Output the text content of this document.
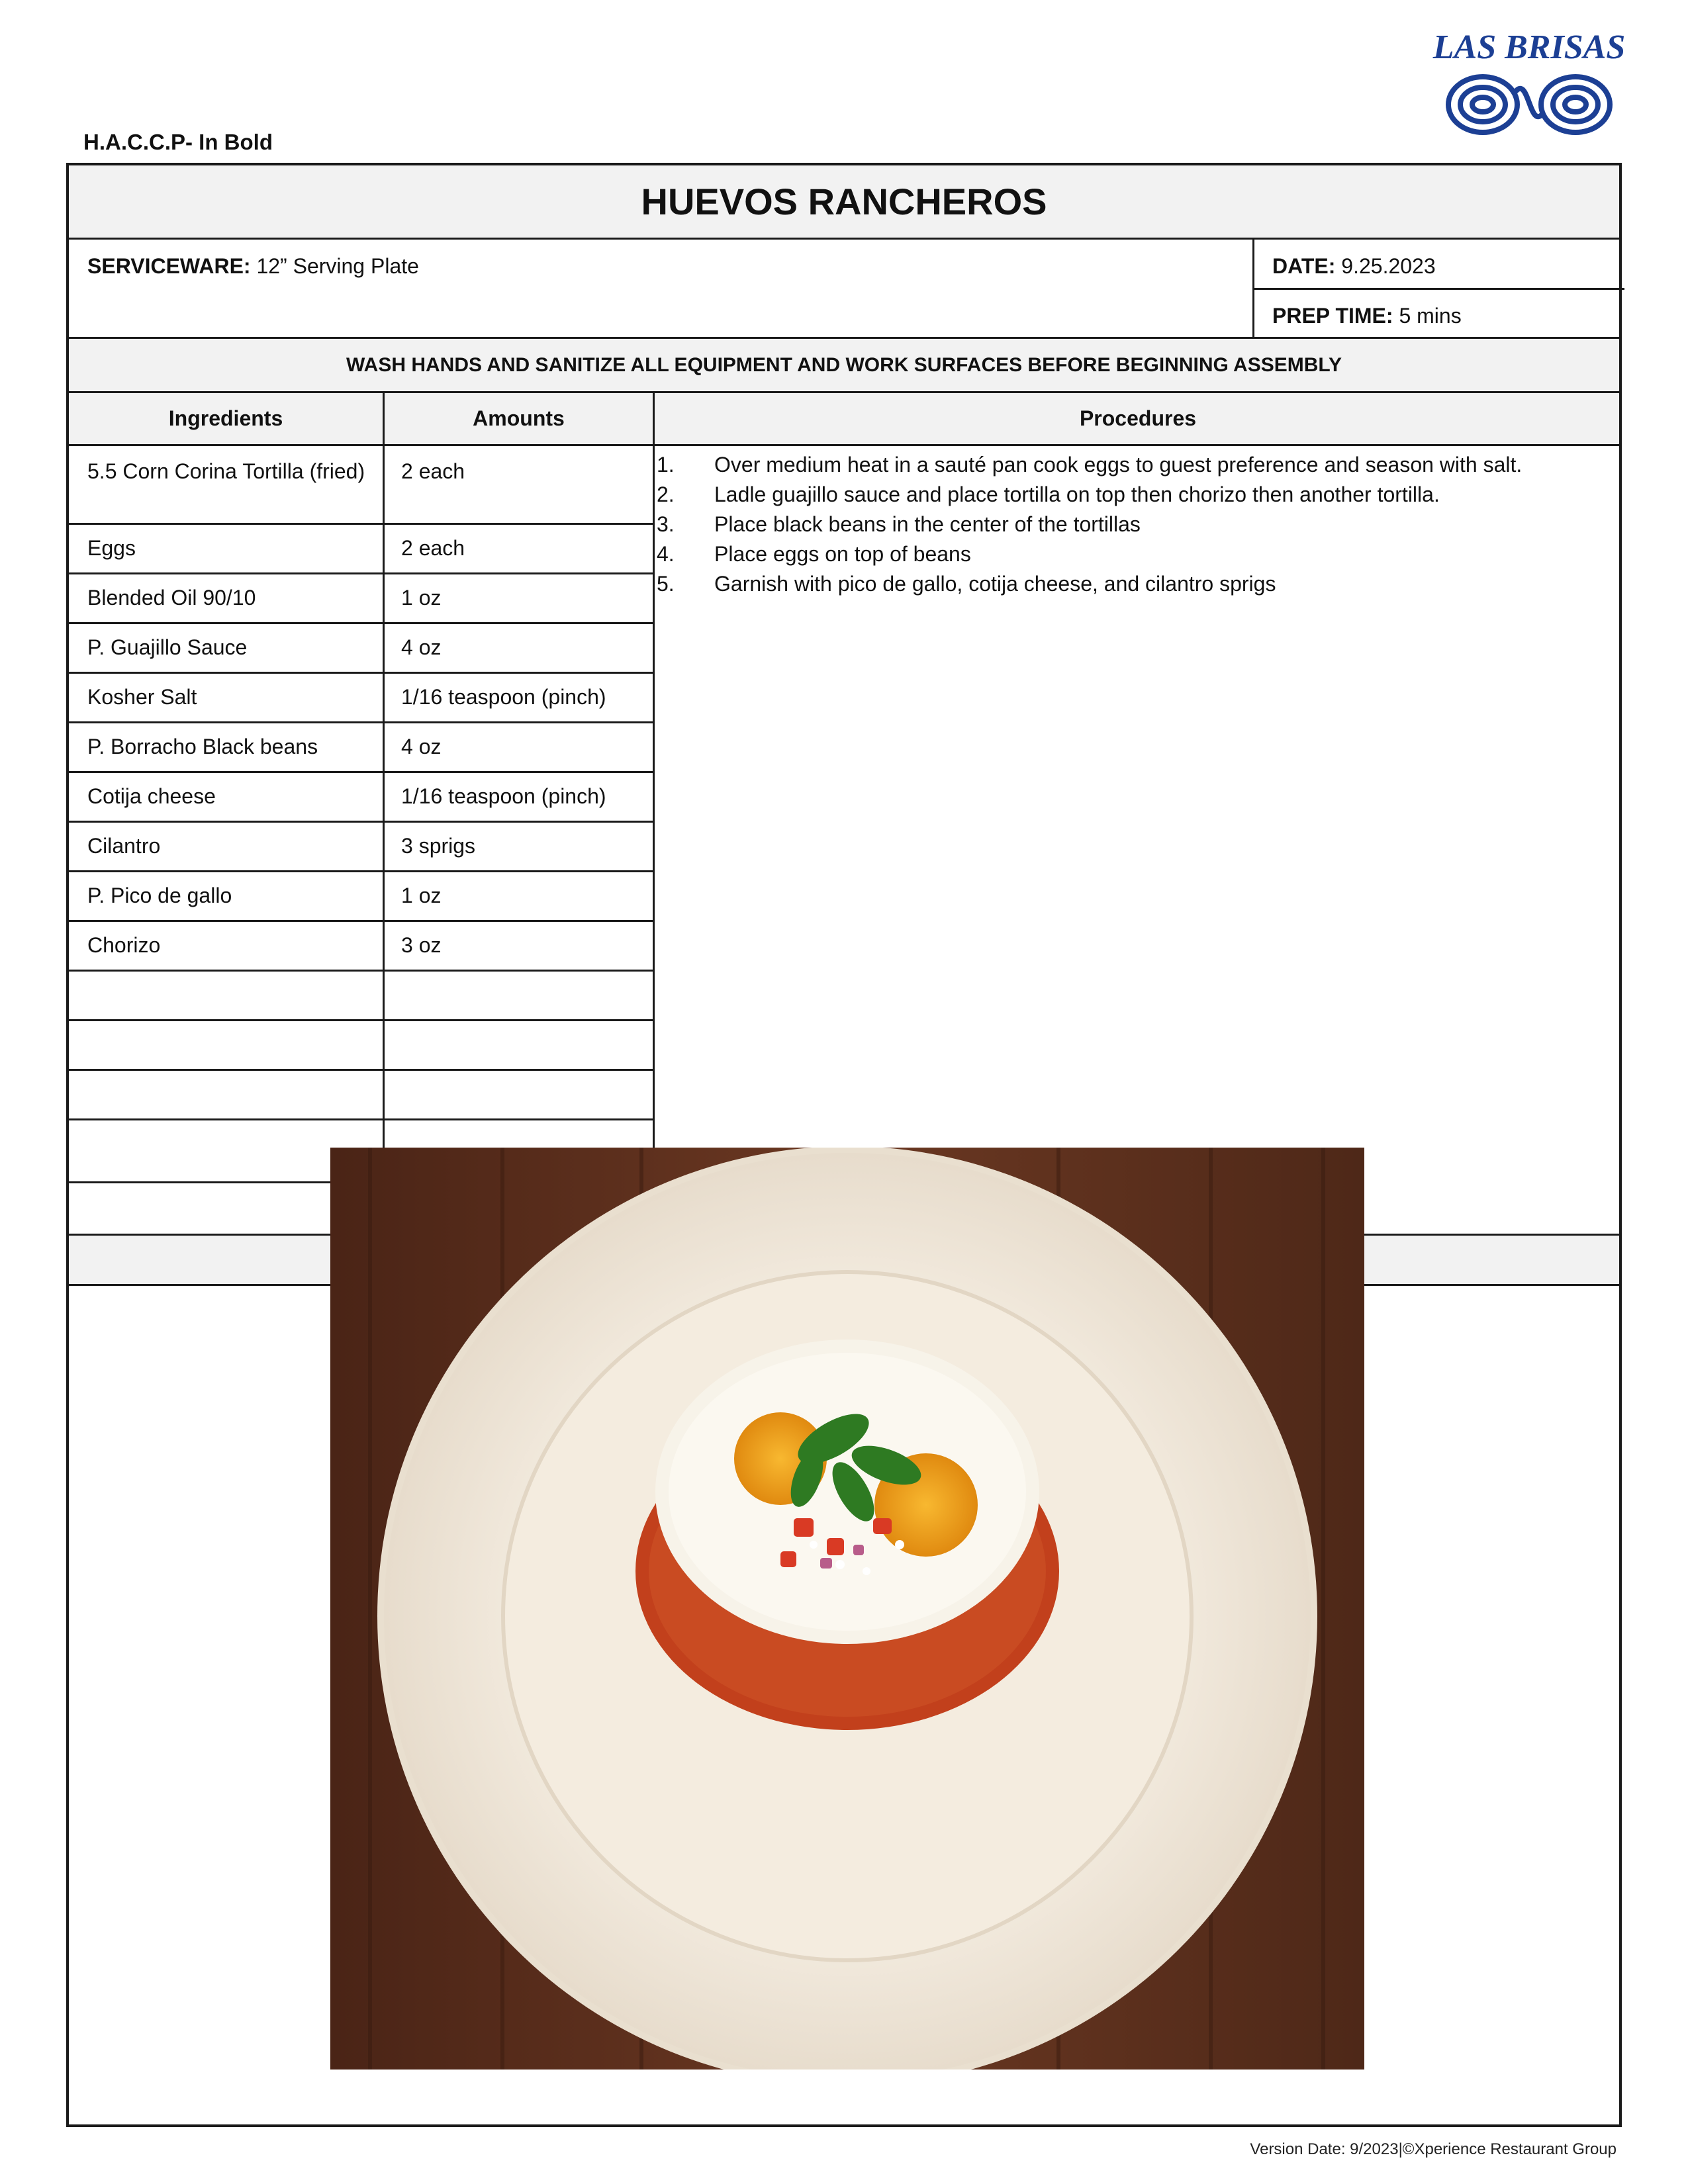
H.A.C.C.P- In Bold
LAS BRISAS
HUEVOS RANCHEROS
SERVICEWARE: 12” Serving Plate	DATE: 9.25.2023
PREP TIME: 5 mins
WASH HANDS AND SANITIZE ALL EQUIPMENT AND WORK SURFACES BEFORE BEGINNING ASSEMBLY
Ingredients	Amounts	Procedures
5.5 Corn Corina Tortilla (fried)	2 each
Eggs	2 each
Blended Oil 90/10	1 oz
P. Guajillo Sauce	4 oz
Kosher Salt	1/16 teaspoon (pinch)
P. Borracho Black beans	4 oz
Cotija cheese	1/16 teaspoon (pinch)
Cilantro	3 sprigs
P. Pico de gallo	1 oz
Chorizo	3 oz
1. Over medium heat in a sauté pan cook eggs to guest preference and season with salt.
2. Ladle guajillo sauce and place tortilla on top then chorizo then another tortilla.
3. Place black beans in the center of the tortillas
4. Place eggs on top of beans
5. Garnish with pico de gallo, cotija cheese, and cilantro sprigs
Version Date: 9/2023|©Xperience Restaurant Group
